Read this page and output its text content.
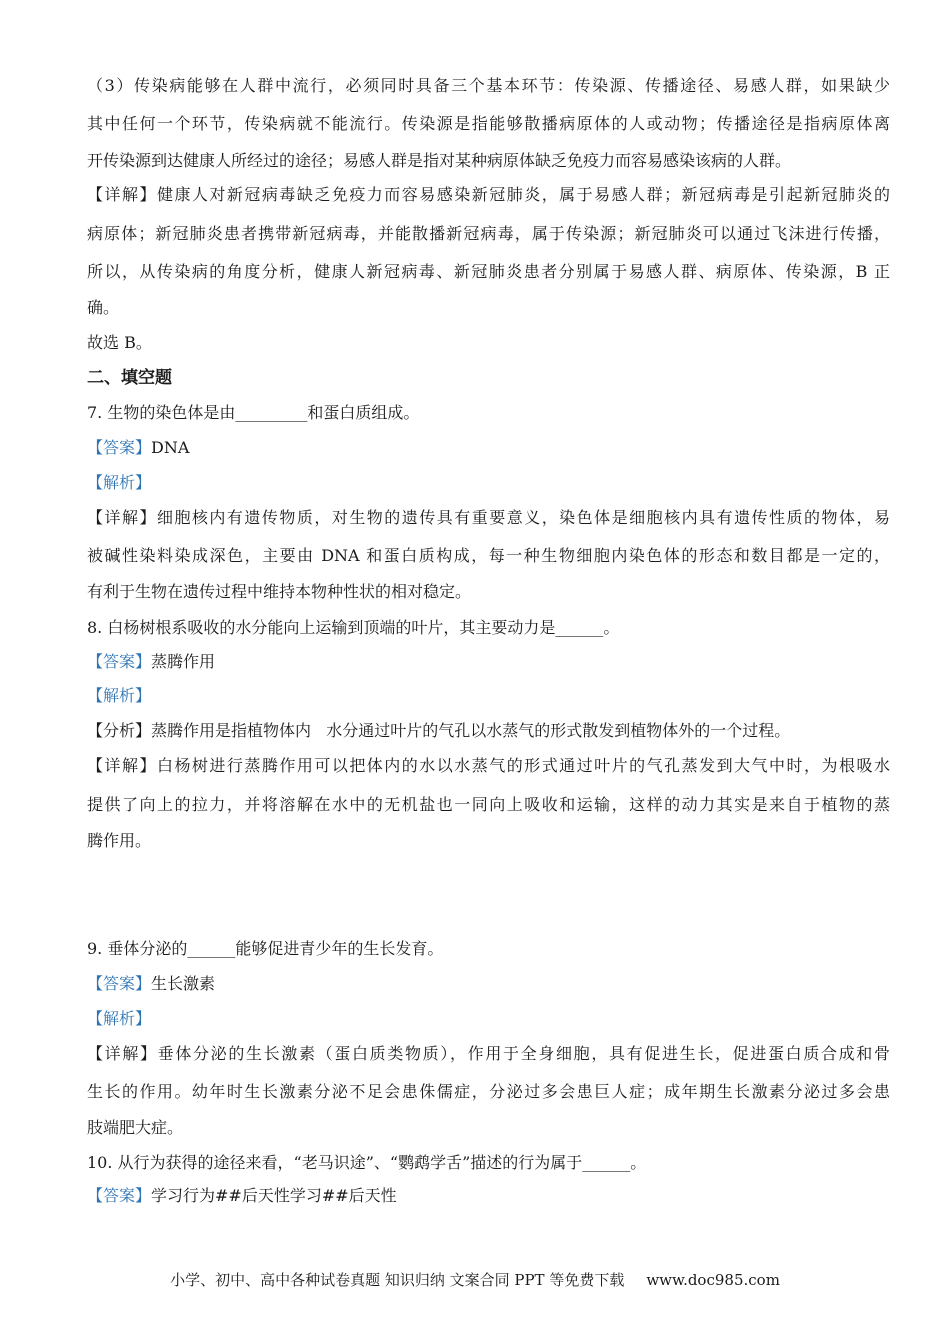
（3）传染病能够在人群中流行，必须同时具备三个基本环节：传染源、传播途径、易感人群，如果缺少
其中任何一个环节，传染病就不能流行。传染源是指能够散播病原体的人或动物；传播途径是指病原体离
开传染源到达健康人所经过的途径；易感人群是指对某种病原体缺乏免疫力而容易感染该病的人群。
【详解】健康人对新冠病毒缺乏免疫力而容易感染新冠肺炎，属于易感人群；新冠病毒是引起新冠肺炎的
病原体；新冠肺炎患者携带新冠病毒，并能散播新冠病毒，属于传染源；新冠肺炎可以通过飞沫进行传播，
所以，从传染病的角度分析，健康人新冠病毒、新冠肺炎患者分别属于易感人群、病原体、传染源，B 正
确。
故选 B。
二、填空题
7. 生物的染色体是由_________和蛋白质组成。
【答案】DNA
【解析】
【详解】细胞核内有遗传物质，对生物的遗传具有重要意义，染色体是细胞核内具有遗传性质的物体，易
被碱性染料染成深色，主要由 DNA 和蛋白质构成，每一种生物细胞内染色体的形态和数目都是一定的，
有利于生物在遗传过程中维持本物种性状的相对稳定。
8. 白杨树根系吸收的水分能向上运输到顶端的叶片，其主要动力是______。
【答案】蒸腾作用
【解析】
【分析】蒸腾作用是指植物体内   水分通过叶片的气孔以水蒸气的形式散发到植物体外的一个过程。
【详解】白杨树进行蒸腾作用可以把体内的水以水蒸气的形式通过叶片的气孔蒸发到大气中时，为根吸水
提供了向上的拉力，并将溶解在水中的无机盐也一同向上吸收和运输，这样的动力其实是来自于植物的蒸
腾作用。
9. 垂体分泌的______能够促进青少年的生长发育。
【答案】生长激素
【解析】
【详解】垂体分泌的生长激素（蛋白质类物质），作用于全身细胞，具有促进生长，促进蛋白质合成和骨
生长的作用。幼年时生长激素分泌不足会患侏儒症，分泌过多会患巨人症；成年期生长激素分泌过多会患
肢端肥大症。
10. 从行为获得的途径来看，“老马识途”、“鹦鹉学舌”描述的行为属于______。
【答案】学习行为##后天性学习##后天性
小学、初中、高中各种试卷真题 知识归纳 文案合同 PPT 等免费下载 www.doc985.com
